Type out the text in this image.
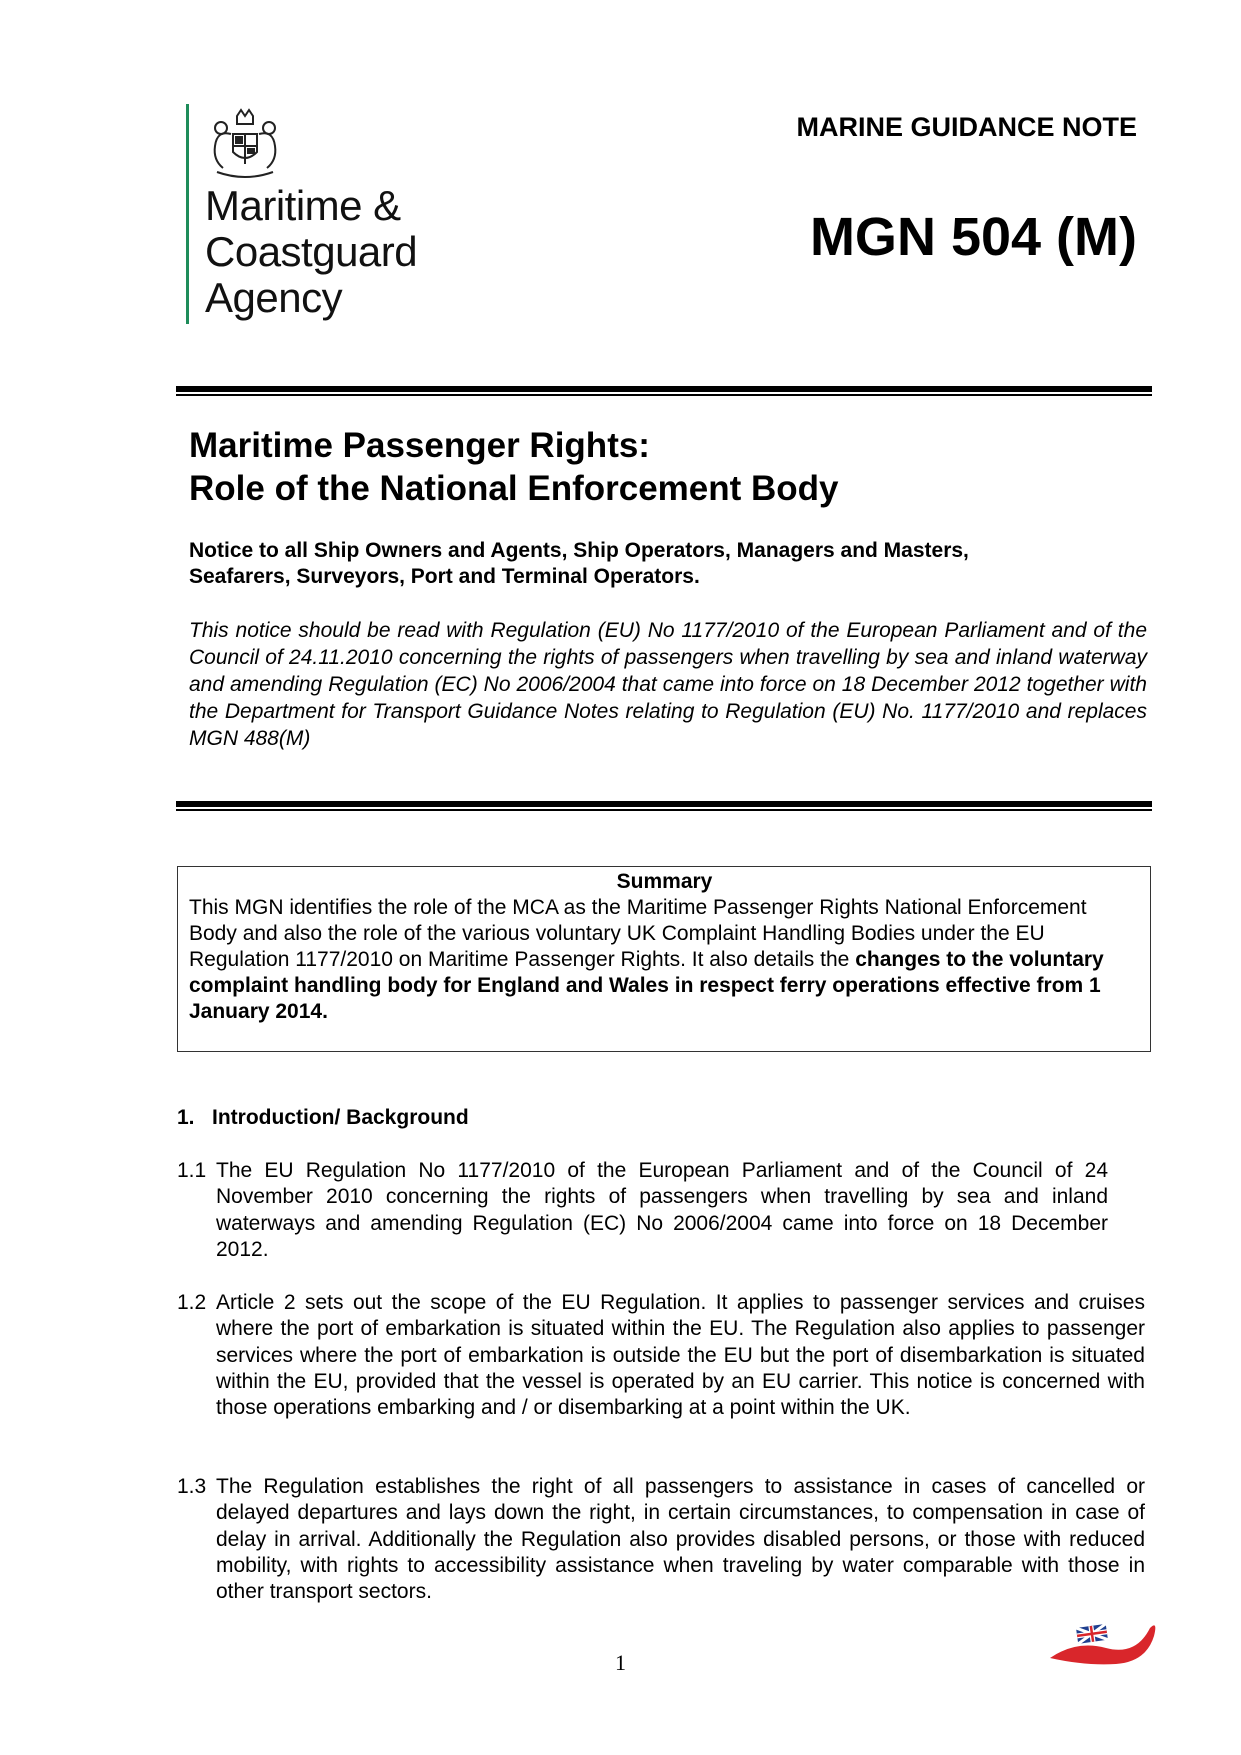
Maritime &
Coastguard
Agency
MARINE GUIDANCE NOTE
MGN 504 (M)
Maritime Passenger Rights:
Role of the National Enforcement Body
Notice to all Ship Owners and Agents, Ship Operators, Managers and Masters,
Seafarers, Surveyors, Port and Terminal Operators.
This notice should be read with Regulation (EU) No 1177/2010 of the European Parliament and of the Council of 24.11.2010 concerning the rights of passengers when travelling by sea and inland waterway and amending Regulation (EC) No 2006/2004 that came into force on 18 December 2012 together with the Department for Transport Guidance Notes relating to Regulation (EU) No. 1177/2010 and replaces MGN 488(M)
Summary
This MGN identifies the role of the MCA as the Maritime Passenger Rights National Enforcement Body and also the role of the various voluntary UK Complaint Handling Bodies under the EU Regulation 1177/2010 on Maritime Passenger Rights. It also details the changes to the voluntary complaint handling body for England and Wales in respect ferry operations effective from 1 January 2014.
1.   Introduction/ Background
1.1 The EU Regulation No 1177/2010 of the European Parliament and of the Council of 24 November 2010 concerning the rights of passengers when travelling by sea and inland waterways and amending Regulation (EC) No 2006/2004 came into force on 18 December 2012.
1.2 Article 2 sets out the scope of the EU Regulation. It applies to passenger services and cruises where the port of embarkation is situated within the EU. The Regulation also applies to passenger services where the port of embarkation is outside the EU but the port of disembarkation is situated within the EU, provided that the vessel is operated by an EU carrier. This notice is concerned with those operations embarking and / or disembarking at a point within the UK.
1.3 The Regulation establishes the right of all passengers to assistance in cases of cancelled or delayed departures and lays down the right, in certain circumstances, to compensation in case of delay in arrival. Additionally the Regulation also provides disabled persons, or those with reduced mobility, with rights to accessibility assistance when traveling by water comparable with those in other transport sectors.
1
